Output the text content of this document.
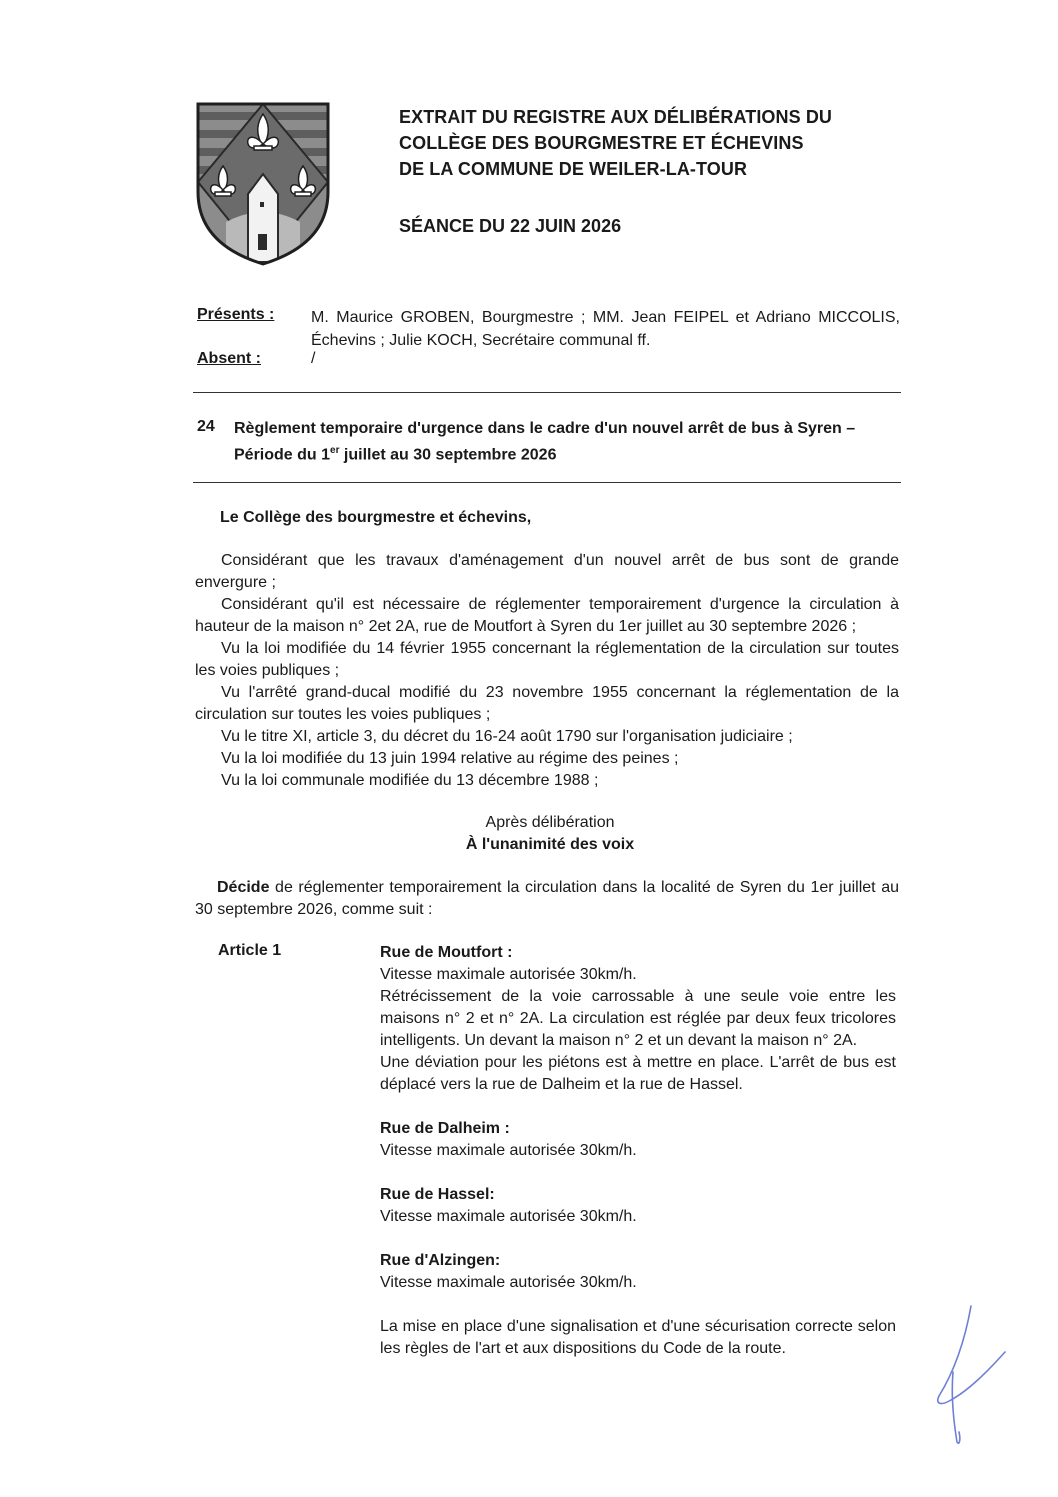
EXTRAIT DU REGISTRE AUX DÉLIBÉRATIONS DU
COLLÈGE DES BOURGMESTRE ET ÉCHEVINS
DE LA COMMUNE DE WEILER-LA-TOUR
SÉANCE DU 22 JUIN 2026
Présents : M. Maurice GROBEN, Bourgmestre ; MM. Jean FEIPEL et Adriano MICCOLIS, Échevins ; Julie KOCH, Secrétaire communal ff.
Absent :	/
24 Règlement temporaire d'urgence dans le cadre d'un nouvel arrêt de bus à Syren – Période du 1er juillet au 30 septembre 2026
Le Collège des bourgmestre et échevins,

Considérant que les travaux d'aménagement d'un nouvel arrêt de bus sont de grande envergure ;

Considérant qu'il est nécessaire de réglementer temporairement d'urgence la circulation à hauteur de la maison n° 2et 2A, rue de Moutfort à Syren du 1er juillet au 30 septembre 2026 ;

Vu la loi modifiée du 14 février 1955 concernant la réglementation de la circulation sur toutes les voies publiques ;

Vu l'arrêté grand-ducal modifié du 23 novembre 1955 concernant la réglementation de la circulation sur toutes les voies publiques ;

Vu le titre XI, article 3, du décret du 16-24 août 1790 sur l'organisation judiciaire ;

Vu la loi modifiée du 13 juin 1994 relative au régime des peines ;

Vu la loi communale modifiée du 13 décembre 1988 ;

Après délibération
À l'unanimité des voix
Décide de réglementer temporairement la circulation dans la localité de Syren du 1er juillet au 30 septembre 2026, comme suit :
Article 1	Rue de Moutfort :
Vitesse maximale autorisée 30km/h.
Rétrécissement de la voie carrossable à une seule voie entre les maisons n° 2 et n° 2A. La circulation est réglée par deux feux tricolores intelligents. Un devant la maison n° 2 et un devant la maison n° 2A.
Une déviation pour les piétons est à mettre en place. L'arrêt de bus est déplacé vers la rue de Dalheim et la rue de Hassel.
Rue de Dalheim :
Vitesse maximale autorisée 30km/h.
Rue de Hassel:
Vitesse maximale autorisée 30km/h.
Rue d'Alzingen:
Vitesse maximale autorisée 30km/h.
La mise en place d'une signalisation et d'une sécurisation correcte selon les règles de l'art et aux dispositions du Code de la route.
